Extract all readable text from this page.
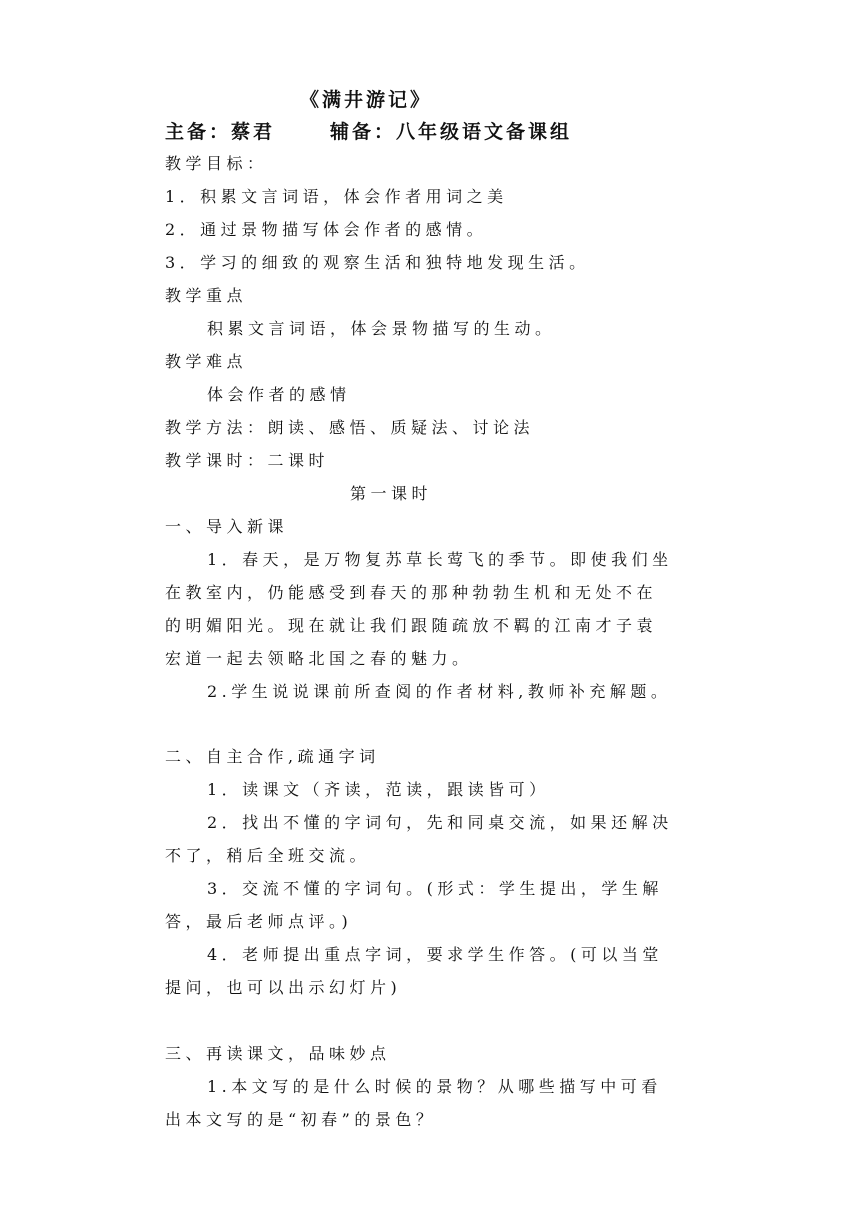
《满井游记》
主备：蔡君	辅备：八年级语文备课组
教学目标：
1．积累文言词语，体会作者用词之美
2．通过景物描写体会作者的感情。
3．学习的细致的观察生活和独特地发现生活。
教学重点
积累文言词语，体会景物描写的生动。
教学难点
体会作者的感情
教学方法：朗读、感悟、质疑法、讨论法
教学课时：二课时
第一课时
一、导入新课
1．春天，是万物复苏草长莺飞的季节。即使我们坐
在教室内，仍能感受到春天的那种勃勃生机和无处不在
的明媚阳光。现在就让我们跟随疏放不羁的江南才子袁
宏道一起去领略北国之春的魅力。
2.学生说说课前所查阅的作者材料,教师补充解题。
二、自主合作,疏通字词
1．读课文（齐读，范读，跟读皆可）
2．找出不懂的字词句，先和同桌交流，如果还解决
不了，稍后全班交流。
3．交流不懂的字词句。(形式：学生提出，学生解
答，最后老师点评。)
4．老师提出重点字词，要求学生作答。(可以当堂
提问，也可以出示幻灯片)
三、再读课文，品味妙点
1.本文写的是什么时候的景物？从哪些描写中可看
出本文写的是“初春”的景色？
